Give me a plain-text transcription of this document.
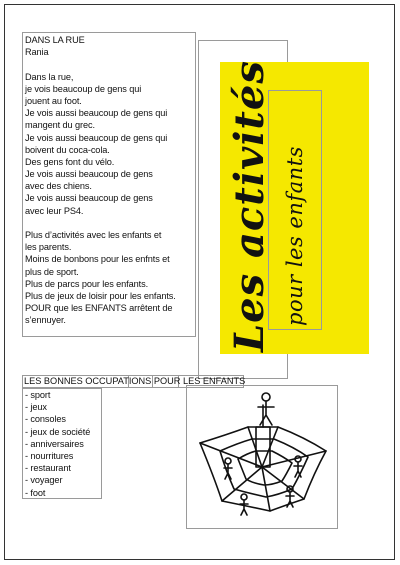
DANS LA RUE
Rania
Dans la rue,
je vois beaucoup de gens qui
jouent au foot.
Je vois aussi beaucoup de gens qui
mangent du grec.
Je vois aussi beaucoup de gens qui
boivent du coca-cola.
Des gens font du vélo.
Je vois aussi beaucoup de gens
avec des chiens.
Je vois aussi beaucoup de gens
avec leur PS4.
Plus d’activités avec les enfants et
les parents.
Moins de bonbons pour les enfnts et
plus de sport.
Plus de parcs pour les enfants.
Plus de jeux de loisir pour les enfants.
POUR que les ENFANTS arrêtent de
s’ennuyer.	Les activités pour les enfants
LES BONNES OCCUPATIONS POUR LES ENFANTS
- sport
- jeux
- consoles
- jeux de société
- anniversaires
- nourritures
- restaurant
- voyager
- foot
